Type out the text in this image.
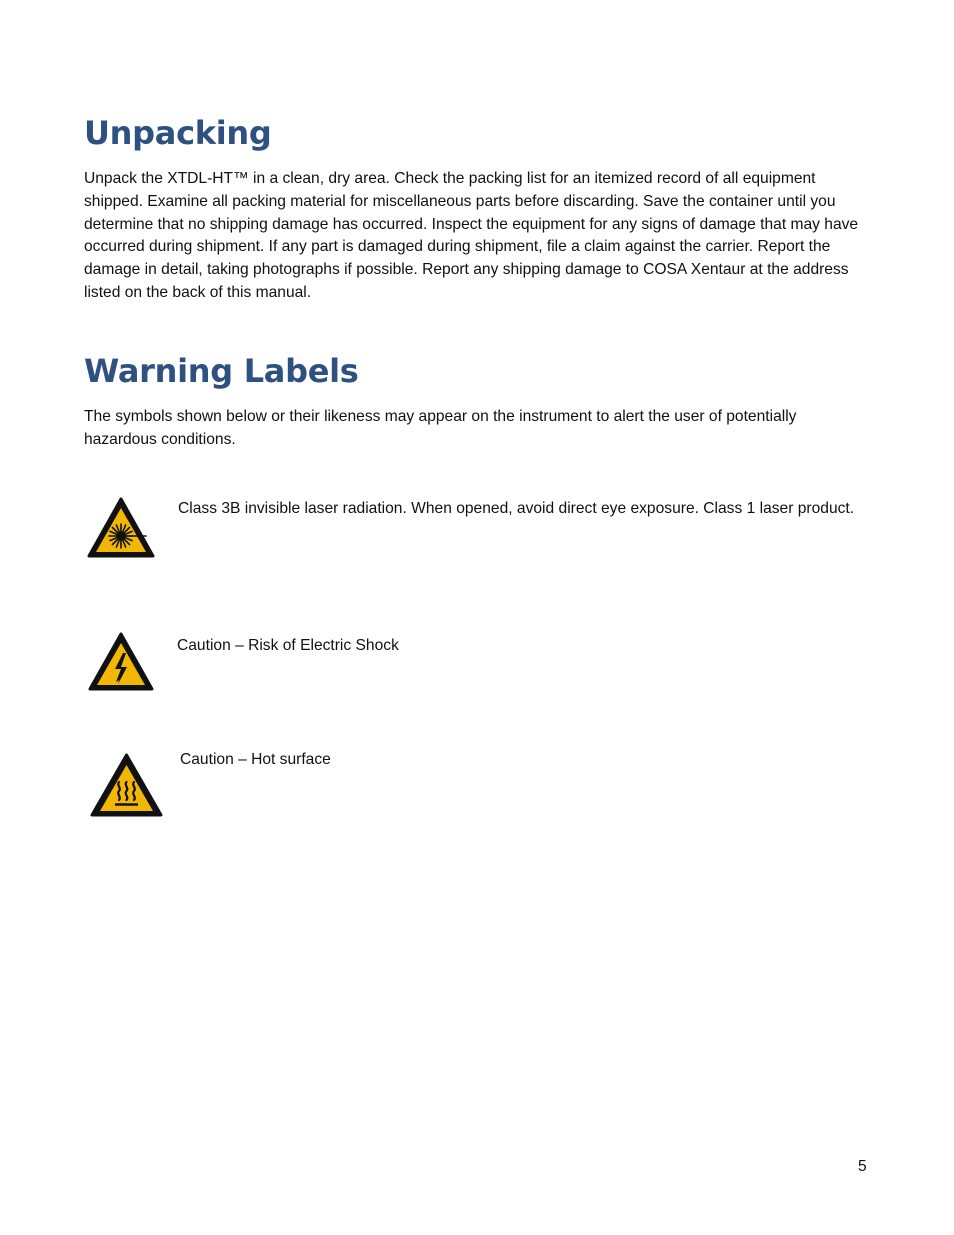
Unpacking

Unpack the XTDL-HT™ in a clean, dry area. Check the packing list for an itemized record of all equipment shipped. Examine all packing material for miscellaneous parts before discarding. Save the container until you determine that no shipping damage has occurred. Inspect the equipment for any signs of damage that may have occurred during shipment. If any part is damaged during shipment, file a claim against the carrier. Report the damage in detail, taking photographs if possible. Report any shipping damage to COSA Xentaur at the address listed on the back of this manual.

Warning Labels

The symbols shown below or their likeness may appear on the instrument to alert the user of potentially hazardous conditions.

Class 3B invisible laser radiation. When opened, avoid direct eye exposure. Class 1 laser product.

Caution – Risk of Electric Shock

Caution – Hot surface

5
